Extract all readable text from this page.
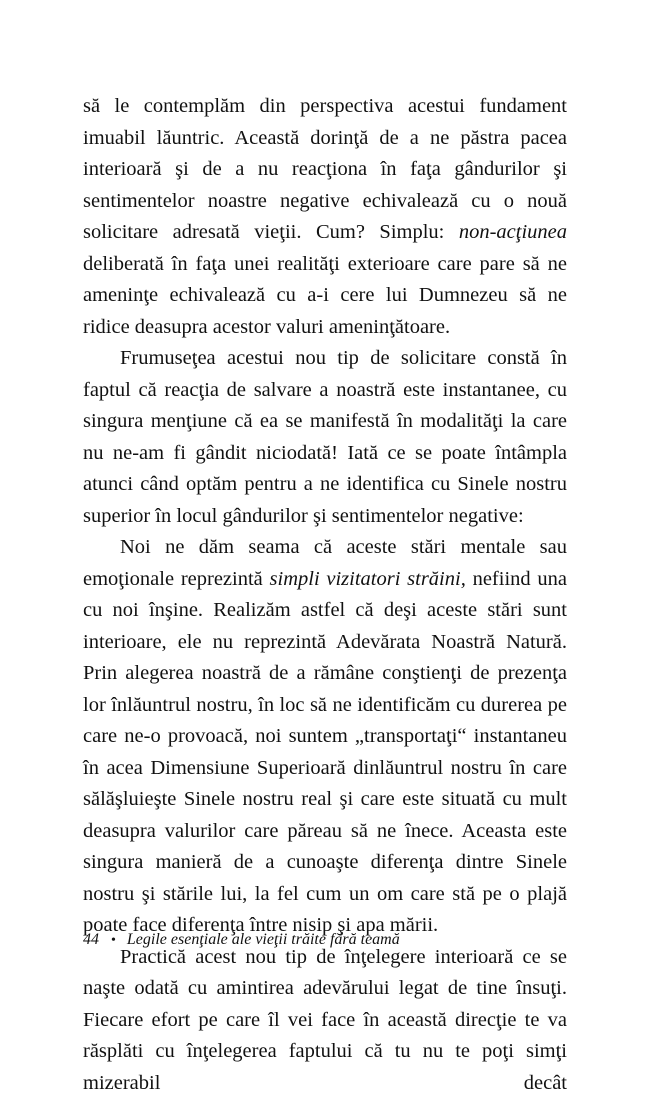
să le contemplăm din perspectiva acestui fundament imuabil lăuntric. Această dorinţă de a ne păstra pacea interioară şi de a nu reacţiona în faţa gândurilor şi sentimentelor noastre negative echivalează cu o nouă solicitare adresată vieţii. Cum? Simplu: non-acţiunea deliberată în faţa unei realităţi exterioare care pare să ne ameninţe echivalează cu a-i cere lui Dumnezeu să ne ridice deasupra acestor valuri ameninţătoare.

Frumuseţea acestui nou tip de solicitare constă în faptul că reacţia de salvare a noastră este instantanee, cu singura menţiune că ea se manifestă în modalităţi la care nu ne-am fi gândit niciodată! Iată ce se poate întâmpla atunci când optăm pentru a ne identifica cu Sinele nostru superior în locul gândurilor şi sentimentelor negative:

Noi ne dăm seama că aceste stări mentale sau emoţionale reprezintă simpli vizitatori străini, nefiind una cu noi înşine. Realizăm astfel că deşi aceste stări sunt interioare, ele nu reprezintă Adevărata Noastră Natură. Prin alegerea noastră de a rămâne conştienţi de prezenţa lor înlăuntrul nostru, în loc să ne identificăm cu durerea pe care ne-o provoacă, noi suntem „transportaţi“ instantaneu în acea Dimensiune Superioară dinlăuntrul nostru în care sălăşluieşte Sinele nostru real şi care este situată cu mult deasupra valurilor care păreau să ne înece. Aceasta este singura manieră de a cunoaşte diferenţa dintre Sinele nostru şi stările lui, la fel cum un om care stă pe o plajă poate face diferenţa între nisip şi apa mării.

Practică acest nou tip de înţelegere interioară ce se naşte odată cu amintirea adevărului legat de tine însuţi. Fiecare efort pe care îl vei face în această direcţie te va răsplăti cu înţelegerea faptului că tu nu te poţi simţi mizerabil decât

44 • Legile esenţiale ale vieţii trăite fără teamă
